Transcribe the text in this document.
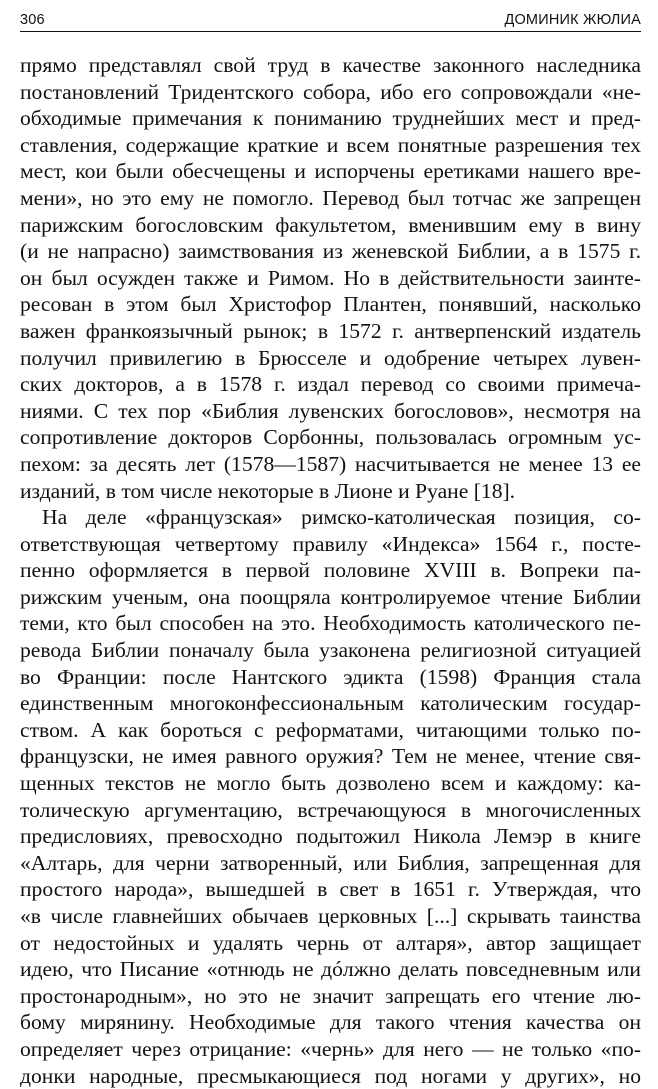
306	ДОМИНИК ЖЮЛИА
прямо представлял свой труд в качестве законного наследника
постановлений Тридентского собора, ибо его сопровождали «не-
обходимые примечания к пониманию труднейших мест и пред-
ставления, содержащие краткие и всем понятные разрешения тех
мест, кои были обесчещены и испорчены еретиками нашего вре-
мени», но это ему не помогло. Перевод был тотчас же запрещен
парижским богословским факультетом, вменившим ему в вину
(и не напрасно) заимствования из женевской Библии, а в 1575 г.
он был осужден также и Римом. Но в действительности заинте-
ресован в этом был Христофор Плантен, понявший, насколько
важен франкоязычный рынок; в 1572 г. антверпенский издатель
получил привилегию в Брюсселе и одобрение четырех лувен-
ских докторов, а в 1578 г. издал перевод со своими примеча-
ниями. С тех пор «Библия лувенских богословов», несмотря на
сопротивление докторов Сорбонны, пользовалась огромным ус-
пехом: за десять лет (1578—1587) насчитывается не менее 13 ее
изданий, в том числе некоторые в Лионе и Руане [18].
На деле «французская» римско-католическая позиция, со-
ответствующая четвертому правилу «Индекса» 1564 г., посте-
пенно оформляется в первой половине XVIII в. Вопреки па-
рижским ученым, она поощряла контролируемое чтение Библии
теми, кто был способен на это. Необходимость католического пе-
ревода Библии поначалу была узаконена религиозной ситуацией
во Франции: после Нантского эдикта (1598) Франция стала
единственным многоконфессиональным католическим государ-
ством. А как бороться с реформатами, читающими только по-
французски, не имея равного оружия? Тем не менее, чтение свя-
щенных текстов не могло быть дозволено всем и каждому: ка-
толическую аргументацию, встречающуюся в многочисленных
предисловиях, превосходно подытожил Никола Лемэр в книге
«Алтарь, для черни затворенный, или Библия, запрещенная для
простого народа», вышедшей в свет в 1651 г. Утверждая, что
«в числе главнейших обычаев церковных [...] скрывать таинства
от недостойных и удалять чернь от алтаря», автор защищает
идею, что Писание «отнюдь не дóлжно делать повседневным или
простонародным», но это не значит запрещать его чтение лю-
бому мирянину. Необходимые для такого чтения качества он
определяет через отрицание: «чернь» для него — не только «по-
донки народные, пресмыкающиеся под ногами у других», но
